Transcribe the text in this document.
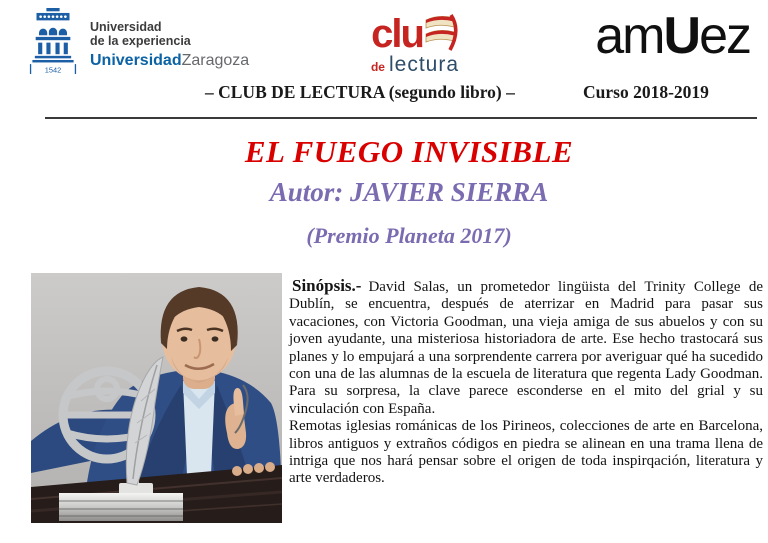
1542
Universidad
de la experiencia
UniversidadZaragoza
clu
de lectura	amUez
– CLUB DE LECTURA (segundo libro) –	Curso 2018-2019

EL FUEGO INVISIBLE

Autor: JAVIER SIERRA

(Premio Planeta 2017)

Sinópsis.- David Salas, un prometedor lingüista del Trinity College de Dublín, se encuentra, después de aterrizar en Madrid para pasar sus vacaciones, con Victoria Goodman, una vieja amiga de sus abuelos y con su joven ayudante, una misteriosa historiadora de arte. Ese hecho trastocará sus planes y lo empujará a una sorprendente carrera por averiguar qué ha sucedido con una de las alumnas de la escuela de literatura que regenta Lady Goodman. Para su sorpresa, la clave parece esconderse en el mito del grial y su vinculación con España.

Remotas iglesias románicas de los Pirineos, colecciones de arte en Barcelona, libros antiguos y extraños códigos en piedra se alinean en una trama llena de intriga que nos hará pensar sobre el origen de toda inspirqación, literatura y arte verdaderos.
